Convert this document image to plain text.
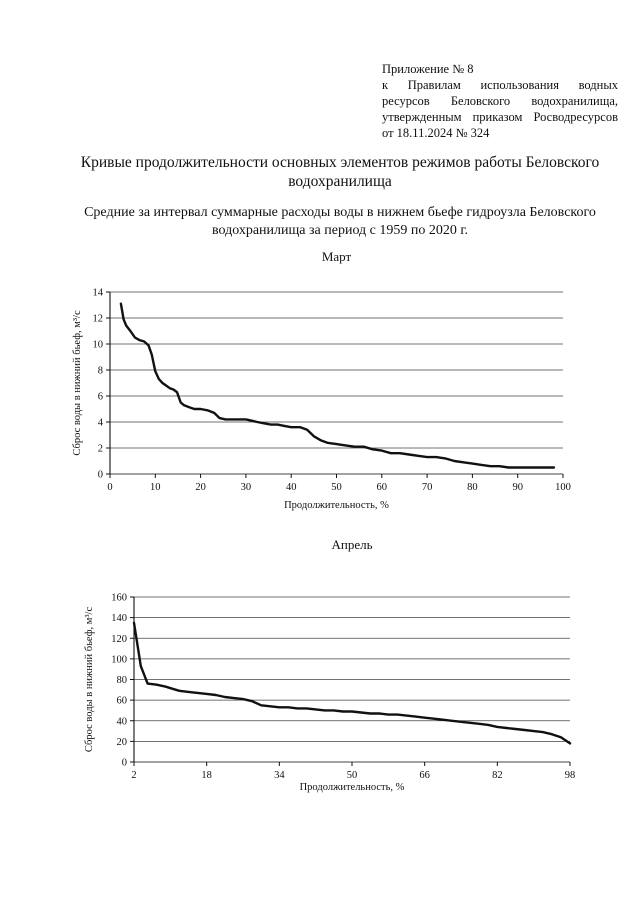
Приложение № 8
к Правилам использования водных
ресурсов Беловского водохранилища,
утвержденным приказом Росводресурсов
от 18.11.2024 № 324
Кривые продолжительности основных элементов режимов работы Беловского водохранилища
Средние за интервал суммарные расходы воды в нижнем бьефе гидроузла Беловского водохранилища за период с 1959 по 2020 г.
Март
0
2
4
6
8
10
12
14
0	10	20	30	40	50	60	70	80	90	100
Продолжительность, %
Сброс воды в нижний бьеф, м³/с
Апрель
0
20
40
60
80
100
120
140
160
2	18	34	50	66	82	98
Продолжительность, %
Сброс воды в нижний бьеф, м³/с
